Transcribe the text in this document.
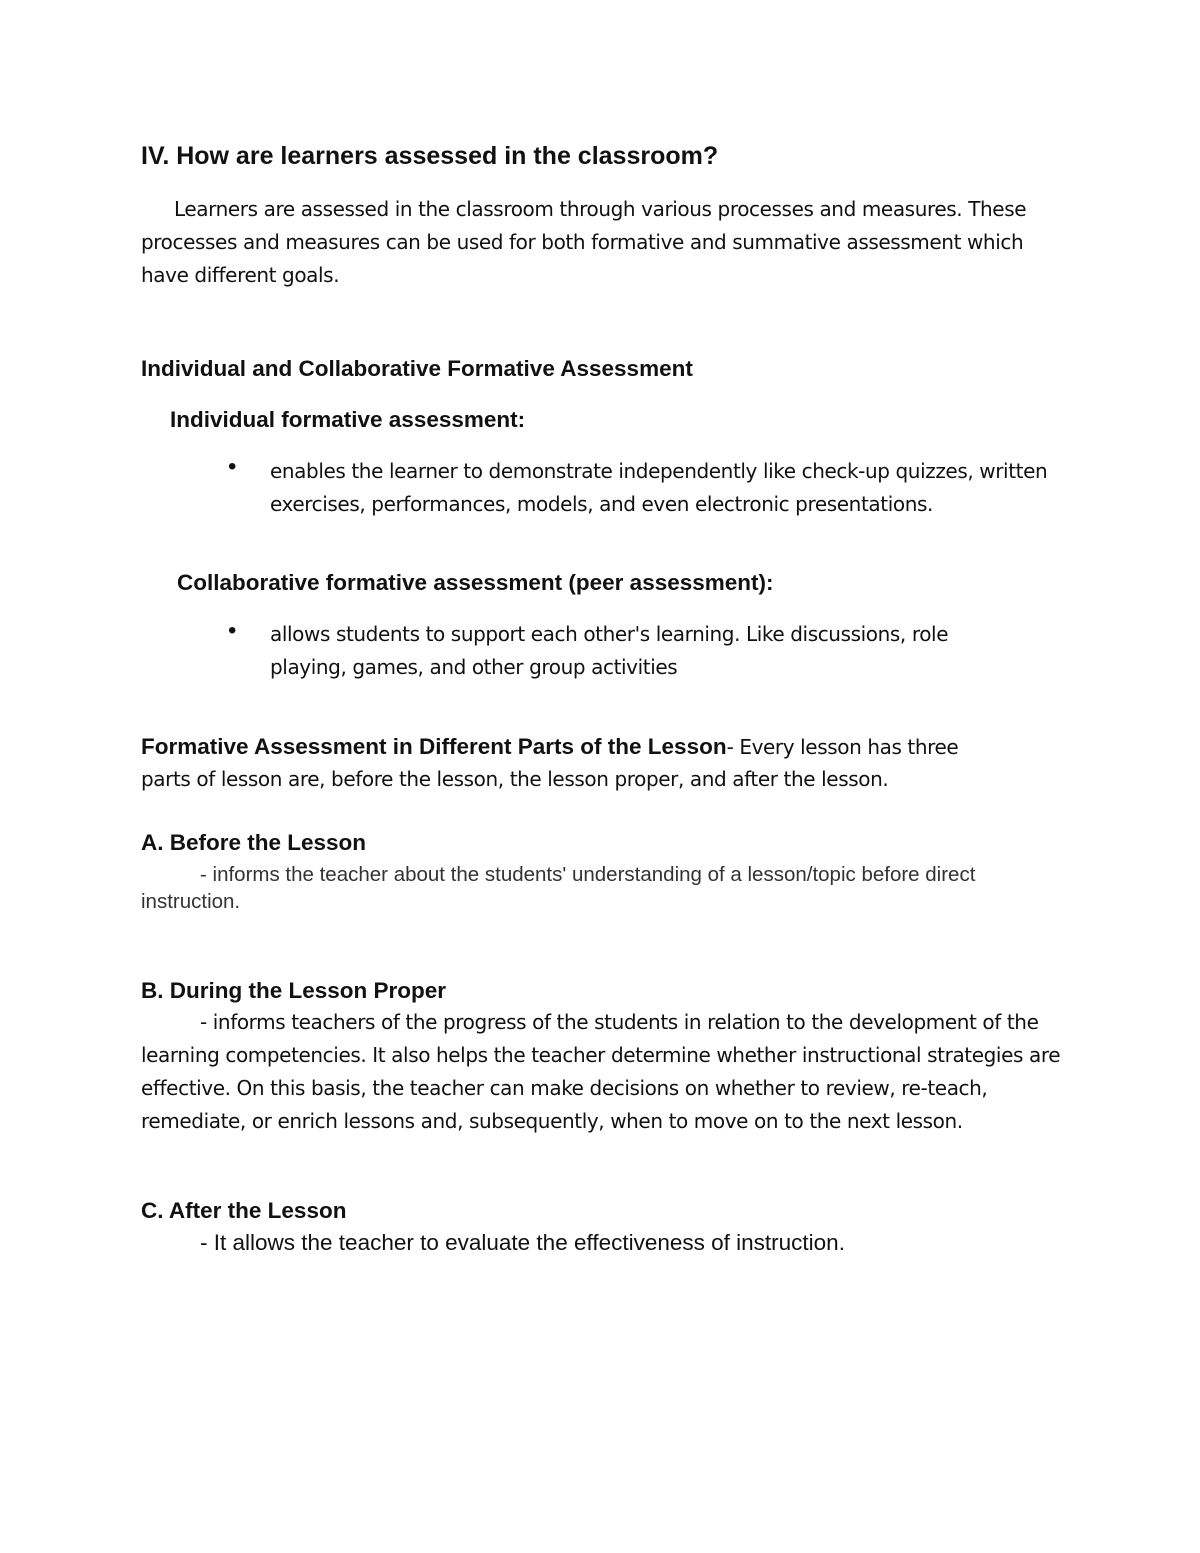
IV. How are learners assessed in the classroom?

Learners are assessed in the classroom through various processes and measures. These processes and measures can be used for both formative and summative assessment which have different goals.

Individual and Collaborative Formative Assessment
Individual formative assessment:
• enables the learner to demonstrate independently like check-up quizzes, written exercises, performances, models, and even electronic presentations.

Collaborative formative assessment (peer assessment):
• allows students to support each other's learning. Like discussions, role playing, games, and other group activities

Formative Assessment in Different Parts of the Lesson- Every lesson has three

parts of lesson are, before the lesson, the lesson proper, and after the lesson.

A. Before the Lesson

- informs the teacher about the students' understanding of a lesson/topic before direct instruction.

B. During the Lesson Proper

- informs teachers of the progress of the students in relation to the development of the learning competencies. It also helps the teacher determine whether instructional strategies are effective. On this basis, the teacher can make decisions on whether to review, re-teach, remediate, or enrich lessons and, subsequently, when to move on to the next lesson.

C. After the Lesson

- It allows the teacher to evaluate the effectiveness of instruction.
